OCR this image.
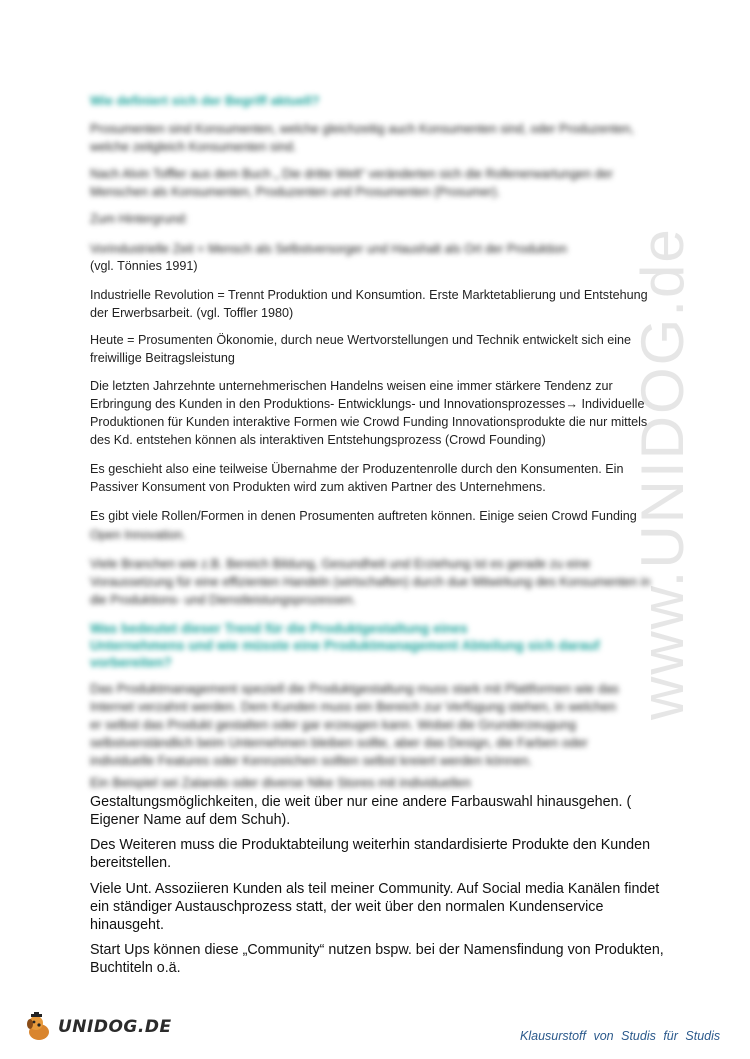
www.UNIDOG.de
Wie definiert sich der Begriff aktuell?
Prosumenten sind Konsumenten, welche gleichzeitig auch Konsumenten sind, oder Produzenten,
welche zeitgleich Konsumenten sind.
Nach Alvin Toffler aus dem Buch „ Die dritte Welt“ veränderten sich die Rollenerwartungen der
Menschen als Konsumenten, Produzenten und Prosumenten (Prosumer).
Zum Hintergrund:
Vorindustrielle Zeit = Mensch als Selbstversorger und Haushalt als Ort der Produktion
(vgl. Tönnies 1991)
Industrielle Revolution = Trennt Produktion und Konsumtion. Erste Marktetablierung und Entstehung
der Erwerbsarbeit. (vgl. Toffler 1980)
Heute = Prosumenten Ökonomie, durch neue Wertvorstellungen und Technik entwickelt sich eine
freiwillige Beitragsleistung
Die letzten Jahrzehnte unternehmerischen Handelns weisen eine immer stärkere Tendenz zur
Erbringung des Kunden in den Produktions- Entwicklungs- und Innovationsprozesses→ Individuelle
Produktionen für Kunden interaktive Formen wie Crowd Funding Innovationsprodukte die nur mittels
des Kd. entstehen können als interaktiven Entstehungsprozess (Crowd Founding)
Es geschieht also eine teilweise Übernahme der Produzentenrolle durch den Konsumenten. Ein
Passiver Konsument von Produkten wird zum aktiven Partner des Unternehmens.
Es gibt viele Rollen/Formen in denen Prosumenten auftreten können. Einige seien Crowd Funding
Open Innovation.
Viele Branchen wie z.B. Bereich Bildung, Gesundheit und Erziehung ist es gerade zu eine
Voraussetzung für eine effizienten Handeln (wirtschaften) durch due Mitwirkung des Konsumenten in
die Produktions- und Dienstleistungsprozessen.
Was bedeutet dieser Trend für die Produktgestaltung eines
Unternehmens und wie müsste eine Produktmanagement Abteilung sich darauf
vorbereiten?
Das Produktmanagement speziell die Produktgestaltung muss stark mit Plattformen wie das
Internet verzahnt werden. Dem Kunden muss ein Bereich zur Verfügung stehen, in welchen
er selbst das Produkt gestalten oder gar erzeugen kann. Wobei die Grunderzeugung
selbstverständlich beim Unternehmen bleiben sollte, aber das Design, die Farben oder
individuelle Features oder Kennzeichen sollten selbst kreiert werden können.
Ein Beispiel sei Zalando oder diverse Nike Stores mit individuellen
Gestaltungsmöglichkeiten, die weit über nur eine andere Farbauswahl hinausgehen. (
Eigener Name auf dem Schuh).
Des Weiteren muss die Produktabteilung weiterhin standardisierte Produkte den Kunden
bereitstellen.
Viele Unt. Assoziieren Kunden als teil meiner Community. Auf Social media Kanälen findet
ein ständiger Austauschprozess statt, der weit über den normalen Kundenservice
hinausgeht.
Start Ups können diese „Community“ nutzen bspw. bei der Namensfindung von Produkten,
Buchtiteln o.ä.
UNIDOG.DE	Klausurstoff von Studis für Studis
